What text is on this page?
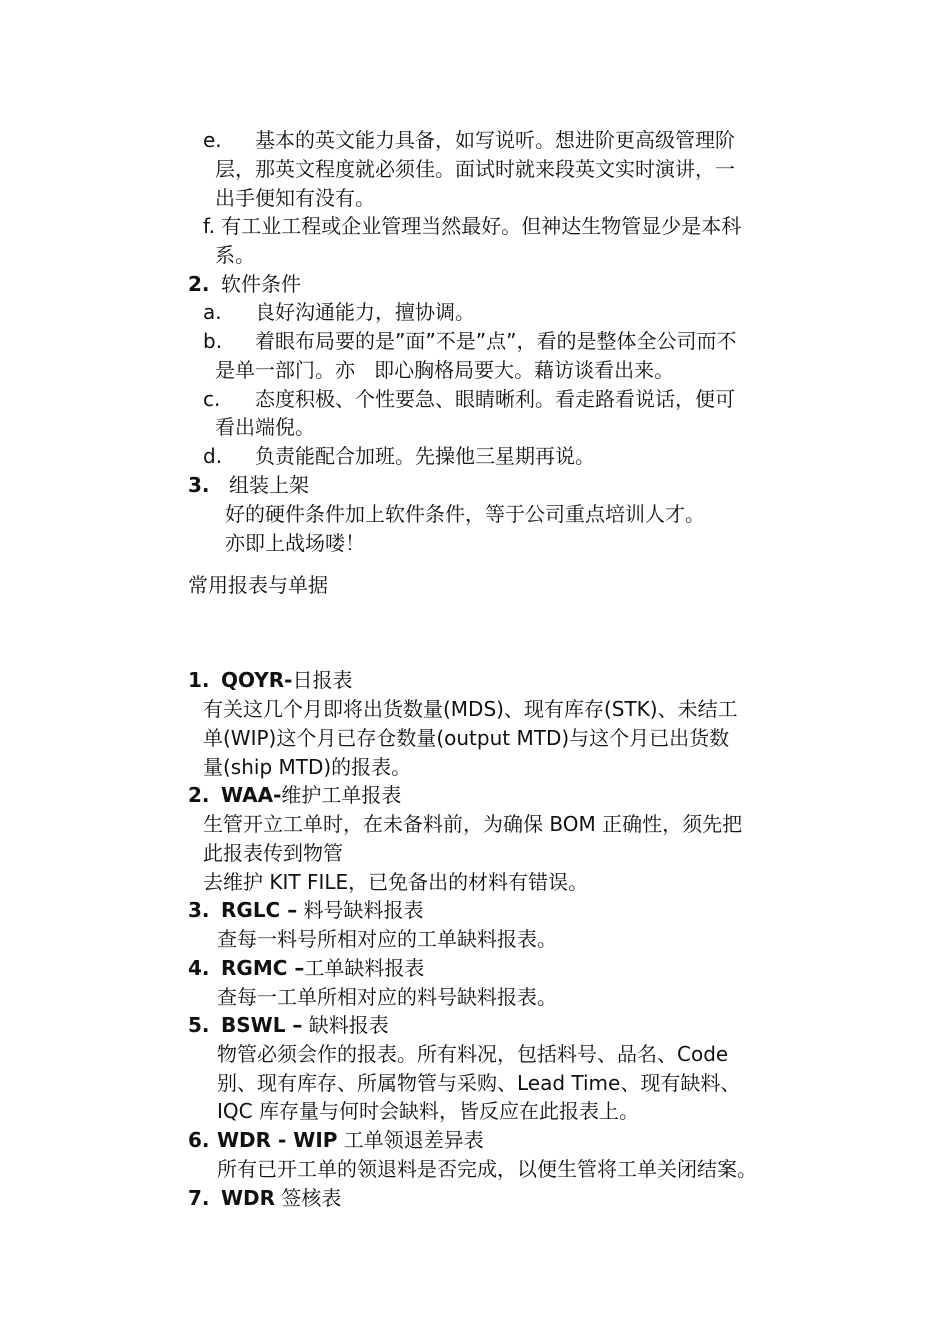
e. 基本的英文能力具备，如写说听。想进阶更高级管理阶
层，那英文程度就必须佳。面试时就来段英文实时演讲，一
出手便知有没有。
f. 有工业工程或企业管理当然最好。但神达生物管显少是本科
系。
2. 软件条件
a. 良好沟通能力，擅协调。
b. 着眼布局要的是”面”不是”点”，看的是整体全公司而不
是单一部门。亦   即心胸格局要大。藉访谈看出来。
c. 态度积极、个性要急、眼睛晰利。看走路看说话，便可
看出端倪。
d. 负责能配合加班。先操他三星期再说。
3. 组装上架
好的硬件条件加上软件条件，等于公司重点培训人才。
亦即上战场喽！
常用报表与单据
1. QOYR-日报表
有关这几个月即将出货数量(MDS)、现有库存(STK)、未结工
单(WIP)这个月已存仓数量(output MTD)与这个月已出货数
量(ship MTD)的报表。
2. WAA-维护工单报表
生管开立工单时，在未备料前，为确保 BOM 正确性，须先把
此报表传到物管
去维护 KIT FILE，已免备出的材料有错误。
3. RGLC – 料号缺料报表
查每一料号所相对应的工单缺料报表。
4. RGMC –工单缺料报表
查每一工单所相对应的料号缺料报表。
5. BSWL – 缺料报表
物管必须会作的报表。所有料况，包括料号、品名、Code
别、现有库存、所属物管与采购、Lead Time、现有缺料、
IQC 库存量与何时会缺料，皆反应在此报表上。
6. WDR - WIP 工单领退差异表
所有已开工单的领退料是否完成，以便生管将工单关闭结案。
7. WDR 签核表
